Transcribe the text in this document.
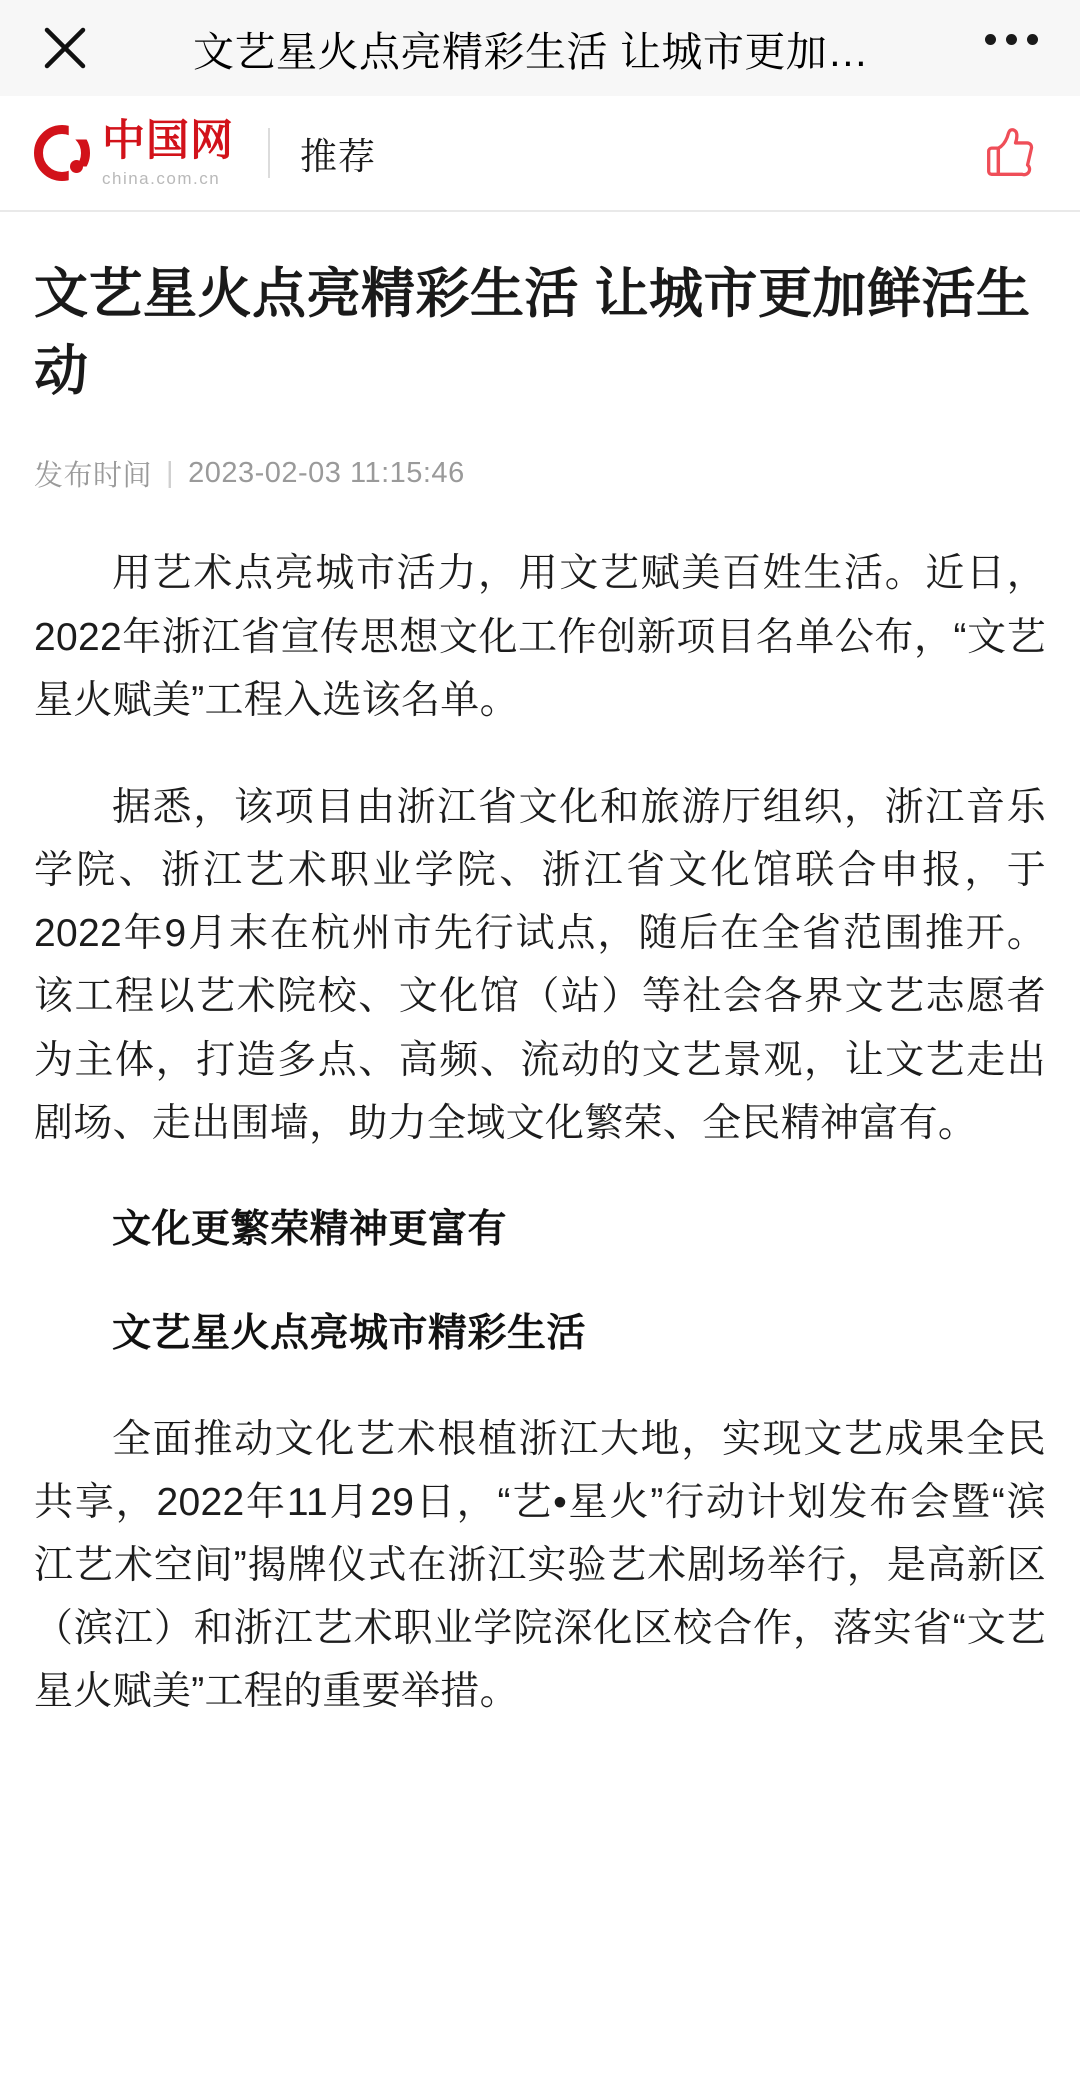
文艺星火点亮精彩生活 让城市更加…
中国网
china.com.cn
推荐
文艺星火点亮精彩生活 让城市更加鲜活生动
发布时间 | 2023-02-03 11:15:46

用艺术点亮城市活力，用文艺赋美百姓生活。近日，2022年浙江省宣传思想文化工作创新项目名单公布，“文艺星火赋美”工程入选该名单。

据悉，该项目由浙江省文化和旅游厅组织，浙江音乐学院、浙江艺术职业学院、浙江省文化馆联合申报，于2022年9月末在杭州市先行试点，随后在全省范围推开。该工程以艺术院校、文化馆（站）等社会各界文艺志愿者为主体，打造多点、高频、流动的文艺景观，让文艺走出剧场、走出围墙，助力全域文化繁荣、全民精神富有。

文化更繁荣精神更富有

文艺星火点亮城市精彩生活

全面推动文化艺术根植浙江大地，实现文艺成果全民共享，2022年11月29日，“艺•星火”行动计划发布会暨“滨江艺术空间”揭牌仪式在浙江实验艺术剧场举行，是高新区（滨江）和浙江艺术职业学院深化区校合作，落实省“文艺星火赋美”工程的重要举措。
